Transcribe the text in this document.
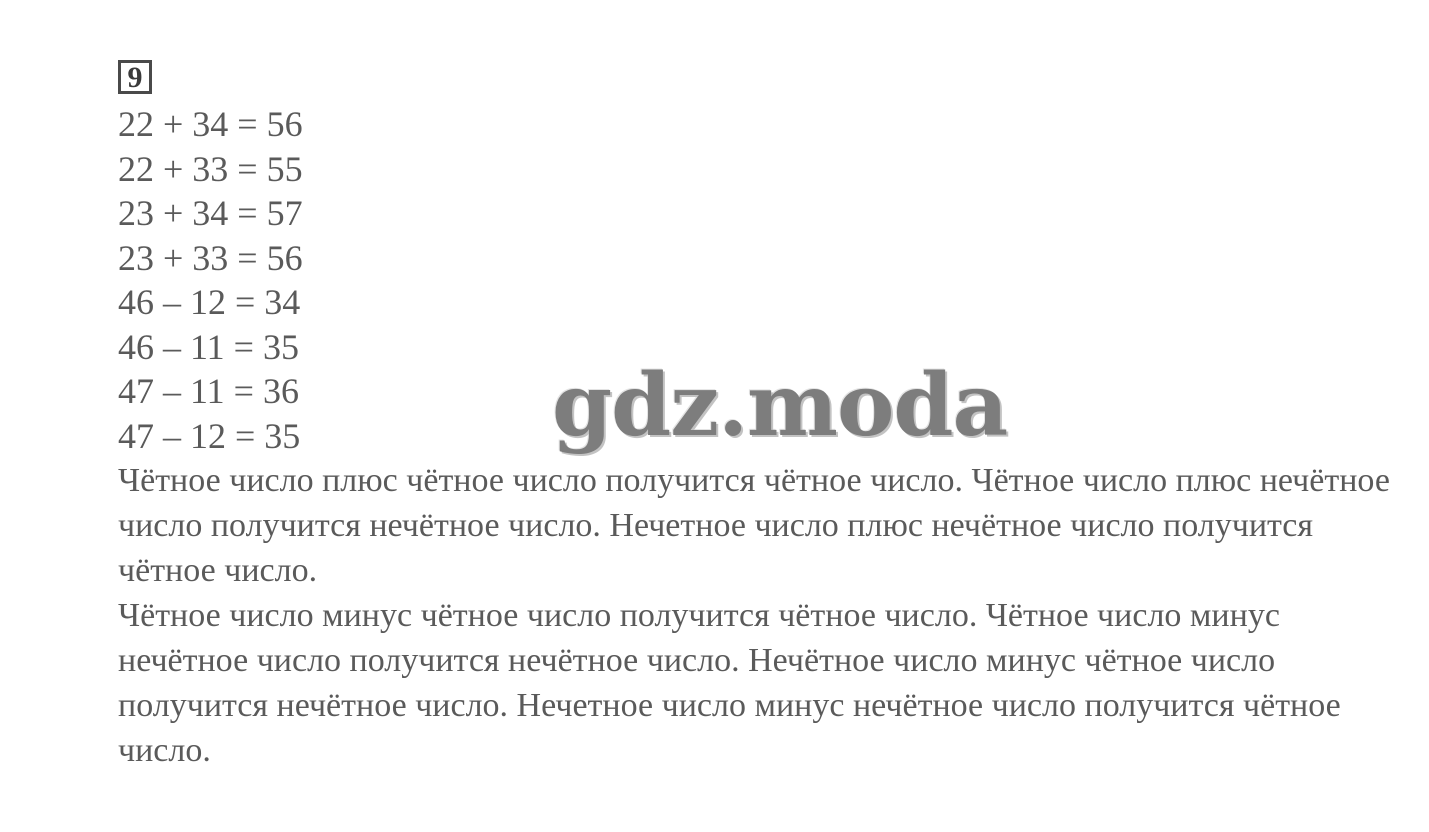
9
22 + 34 = 56
22 + 33 = 55
23 + 34 = 57
23 + 33 = 56
46 – 12 = 34
46 – 11 = 35
47 – 11 = 36
47 – 12 = 35

Чётное число плюс чётное число получится чётное число. Чётное число плюс нечётное число получится нечётное число. Нечетное число плюс нечётное число получится чётное число.

Чётное число минус чётное число получится чётное число. Чётное число минус нечётное число получится нечётное число. Нечётное число минус чётное число получится нечётное число. Нечетное число минус нечётное число получится чётное число.

gdz.moda
